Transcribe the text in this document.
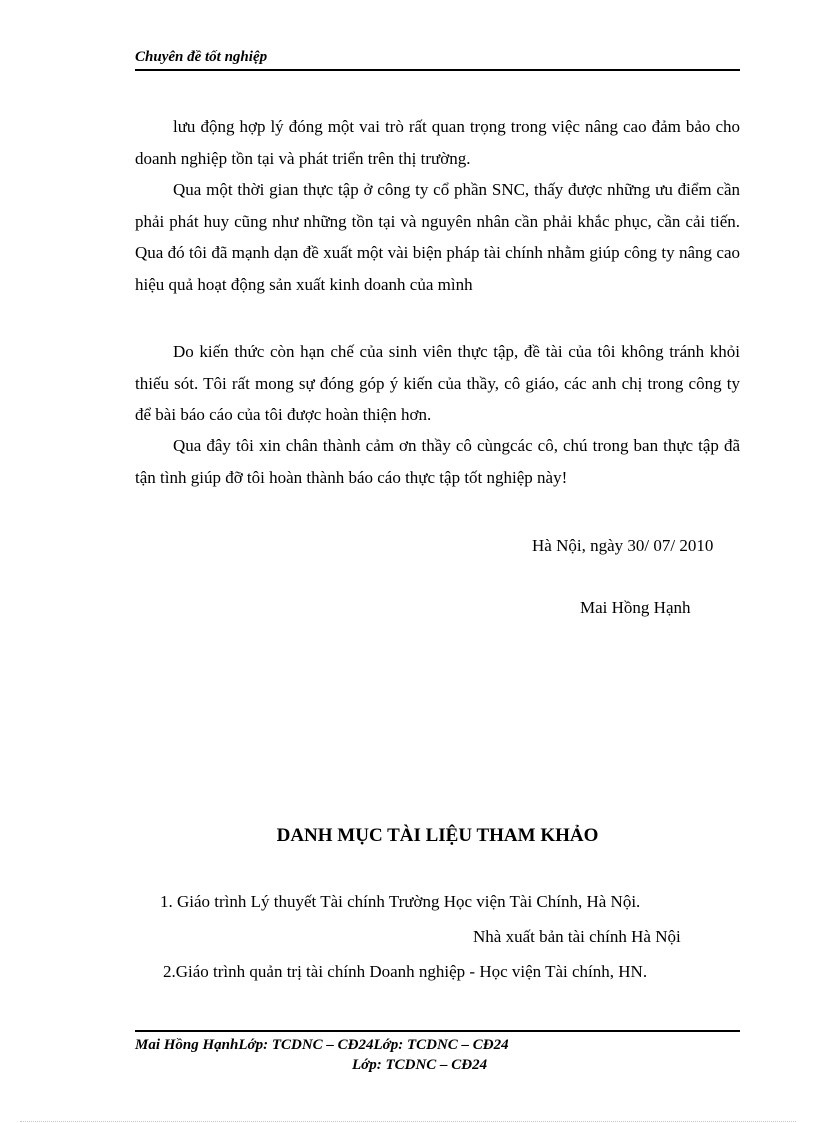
Chuyên đề tốt nghiệp

lưu động hợp lý đóng một vai trò rất quan trọng trong việc nâng cao đảm bảo cho doanh nghiệp tồn tại và phát triển trên thị trường.

Qua một thời gian thực tập ở công ty cổ phần SNC, thấy được những ưu điểm cần phải phát huy cũng như những tồn tại và nguyên nhân cần phải khắc phục, cần cải tiến. Qua đó tôi đã mạnh dạn đề xuất một vài biện pháp tài chính nhằm giúp công ty nâng cao hiệu quả hoạt động sản xuất kinh doanh của mình

Do kiến thức còn hạn chế của sinh viên thực tập, đề tài của tôi không tránh khỏi thiếu sót. Tôi rất mong sự đóng góp ý kiến của thầy, cô giáo, các anh chị trong công ty để bài báo cáo của tôi được hoàn thiện hơn.

Qua đây tôi xin chân thành cảm ơn thầy cô cùngcác cô, chú trong ban thực tập đã tận tình giúp đỡ tôi hoàn thành báo cáo thực tập tốt nghiệp này!

Hà Nội, ngày 30/ 07/ 2010
Mai Hồng Hạnh
DANH MỤC TÀI LIỆU THAM KHẢO
1. Giáo trình Lý thuyết Tài chính Trường Học viện Tài Chính, Hà Nội.
Nhà xuất bản tài chính Hà Nội
2.Giáo trình quản trị tài chính Doanh nghiệp - Học viện Tài chính, HN.
Mai Hồng HạnhLớp: TCDNC – CĐ24Lớp: TCDNC – CĐ24
Lớp: TCDNC – CĐ24
